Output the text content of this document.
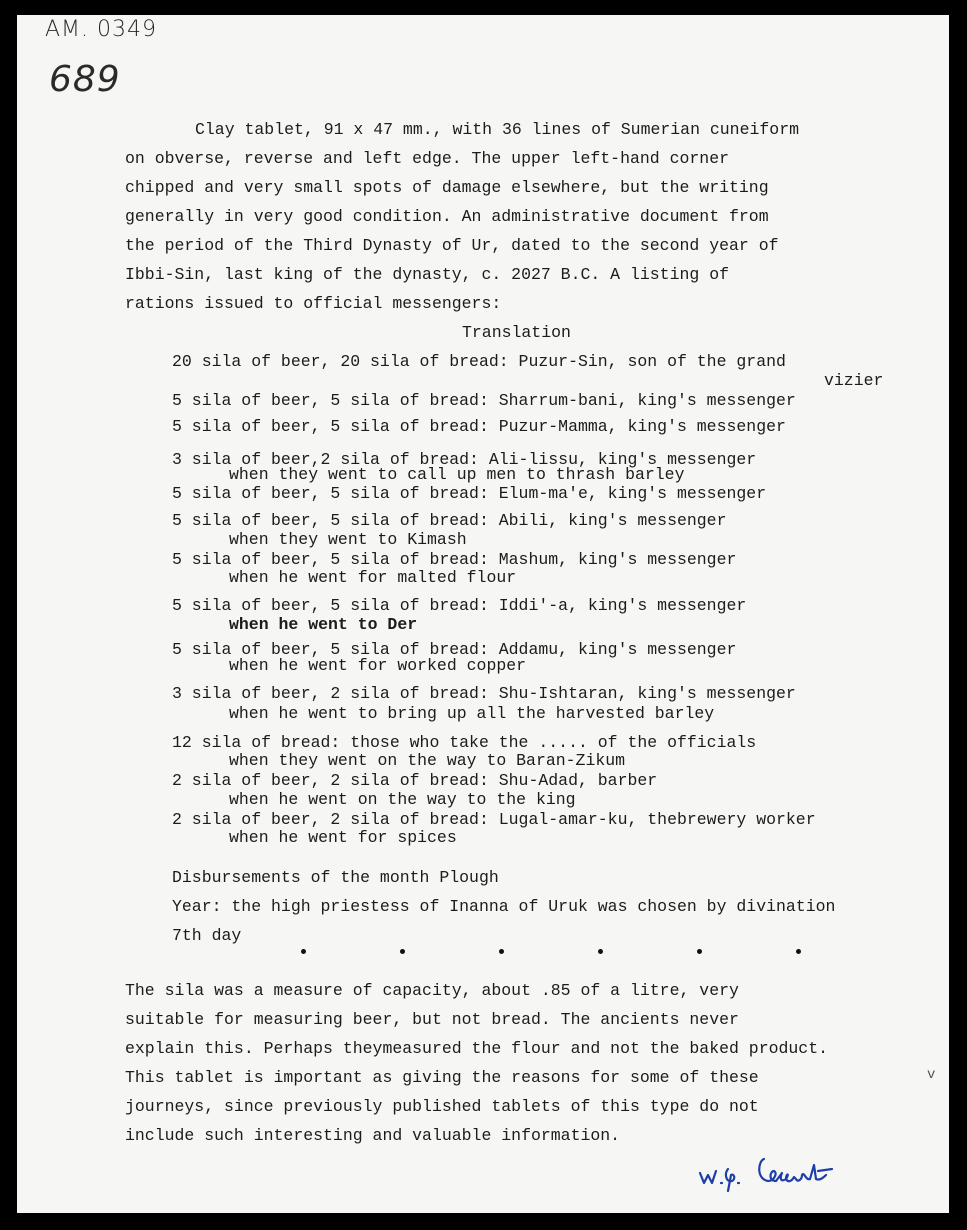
AM. 0349
689
Clay tablet, 91 x 47 mm., with 36 lines of Sumerian cuneiform
on obverse, reverse and left edge. The upper left-hand corner
chipped and very small spots of damage elsewhere, but the writing
generally in very good condition. An administrative document from
the period of the Third Dynasty of Ur, dated to the second year of
Ibbi-Sin, last king of the dynasty, c. 2027 B.C. A listing of
rations issued to official messengers:
Translation
20 sila of beer, 20 sila of bread: Puzur-Sin, son of the grand
vizier
5 sila of beer, 5 sila of bread: Sharrum-bani, king's messenger
5 sila of beer, 5 sila of bread: Puzur-Mamma, king's messenger
3 sila of beer,2 sila of bread: Ali-lissu, king's messenger
when they went to call up men to thrash barley
5 sila of beer, 5 sila of bread: Elum-ma'e, king's messenger
5 sila of beer, 5 sila of bread: Abili, king's messenger
when they went to Kimash
5 sila of beer, 5 sila of bread: Mashum, king's messenger
when he went for malted flour
5 sila of beer, 5 sila of bread: Iddi'-a, king's messenger
when he went to Der
5 sila of beer, 5 sila of bread: Addamu, king's messenger
when he went for worked copper
3 sila of beer, 2 sila of bread: Shu-Ishtaran, king's messenger
when he went to bring up all the harvested barley
12 sila of bread: those who take the ..... of the officials
when they went on the way to Baran-Zikum
2 sila of beer, 2 sila of bread: Shu-Adad, barber
when he went on the way to the king
2 sila of beer, 2 sila of bread: Lugal-amar-ku, thebrewery worker
when he went for spices
Disbursements of the month Plough
Year: the high priestess of Inanna of Uruk was chosen by divination
7th day
The sila was a measure of capacity, about .85 of a litre, very
suitable for measuring beer, but not bread. The ancients never
explain this. Perhaps theymeasured the flour and not the baked product.
This tablet is important as giving the reasons for some of these
journeys, since previously published tablets of this type do not
include such interesting and valuable information.
v
